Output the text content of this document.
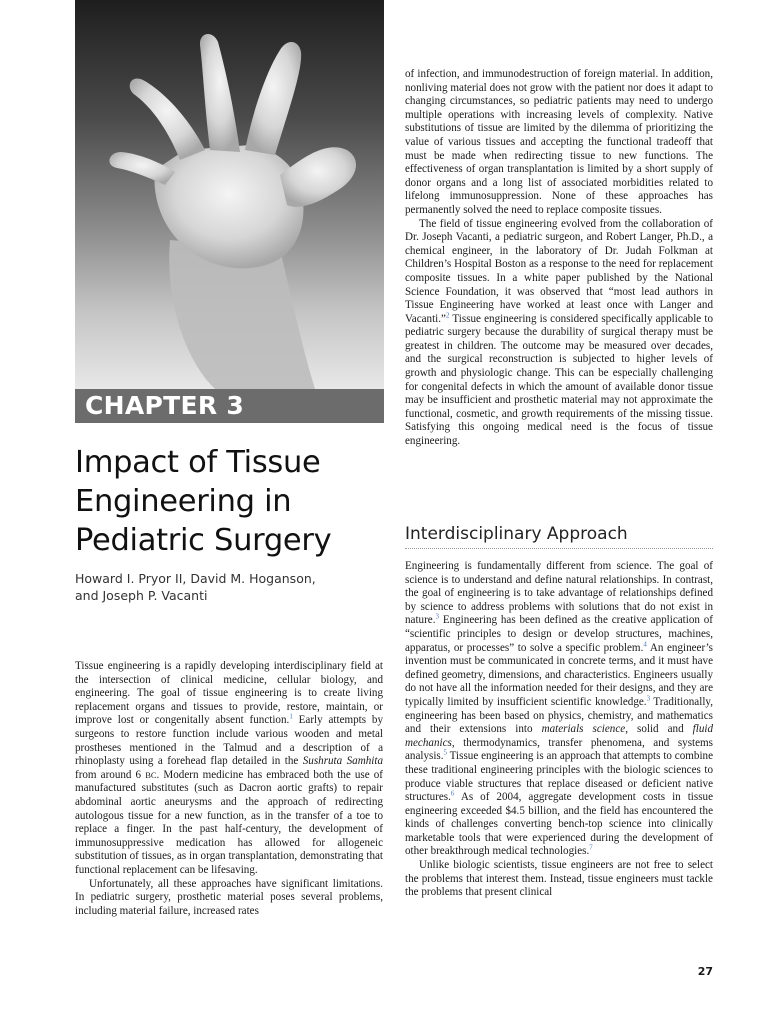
CHAPTER 3
Impact of Tissue
Engineering in
Pediatric Surgery
Howard I. Pryor II, David M. Hoganson,
and Joseph P. Vacanti

Tissue engineering is a rapidly developing interdisciplinary field at the intersection of clinical medicine, cellular biology, and engineering. The goal of tissue engineering is to create living replacement organs and tissues to provide, restore, maintain, or improve lost or congenitally absent function.$^1$ Early attempts by surgeons to restore function include various wooden and metal prostheses mentioned in the Talmud and a description of a rhinoplasty using a forehead flap detailed in the Sushruta Samhita from around 6 BC. Modern medicine has embraced both the use of manufactured substitutes (such as Dacron aortic grafts) to repair abdominal aortic aneurysms and the approach of redirecting autologous tissue for a new function, as in the transfer of a toe to replace a finger. In the past half-century, the development of immunosuppressive medication has allowed for allogeneic substitution of tissues, as in organ transplantation, demonstrating that functional replacement can be lifesaving.

Unfortunately, all these approaches have significant limitations. In pediatric surgery, prosthetic material poses several problems, including material failure, increased rates

of infection, and immunodestruction of foreign material. In addition, nonliving material does not grow with the patient nor does it adapt to changing circumstances, so pediatric patients may need to undergo multiple operations with increasing levels of complexity. Native substitutions of tissue are limited by the dilemma of prioritizing the value of various tissues and accepting the functional tradeoff that must be made when redirecting tissue to new functions. The effectiveness of organ transplantation is limited by a short supply of donor organs and a long list of associated morbidities related to lifelong immunosuppression. None of these approaches has permanently solved the need to replace composite tissues.

The field of tissue engineering evolved from the collaboration of Dr. Joseph Vacanti, a pediatric surgeon, and Robert Langer, Ph.D., a chemical engineer, in the laboratory of Dr. Judah Folkman at Children’s Hospital Boston as a response to the need for replacement composite tissues. In a white paper published by the National Science Foundation, it was observed that “most lead authors in Tissue Engineering have worked at least once with Langer and Vacanti.”$^2$ Tissue engineering is considered specifically applicable to pediatric surgery because the durability of surgical therapy must be greatest in children. The outcome may be measured over decades, and the surgical reconstruction is subjected to higher levels of growth and physiologic change. This can be especially challenging for congenital defects in which the amount of available donor tissue may be insufficient and prosthetic material may not approximate the functional, cosmetic, and growth requirements of the missing tissue. Satisfying this ongoing medical need is the focus of tissue engineering.

Interdisciplinary Approach

Engineering is fundamentally different from science. The goal of science is to understand and define natural relationships. In contrast, the goal of engineering is to take advantage of relationships defined by science to address problems with solutions that do not exist in nature.$^3$ Engineering has been defined as the creative application of “scientific principles to design or develop structures, machines, apparatus, or processes” to solve a specific problem.$^4$ An engineer’s invention must be communicated in concrete terms, and it must have defined geometry, dimensions, and characteristics. Engineers usually do not have all the information needed for their designs, and they are typically limited by insufficient scientific knowledge.$^3$ Traditionally, engineering has been based on physics, chemistry, and mathematics and their extensions into materials science, solid and fluid mechanics, thermodynamics, transfer phenomena, and systems analysis.$^5$ Tissue engineering is an approach that attempts to combine these traditional engineering principles with the biologic sciences to produce viable structures that replace diseased or deficient native structures.$^6$ As of 2004, aggregate development costs in tissue engineering exceeded $4.5 billion, and the field has encountered the kinds of challenges converting bench-top science into clinically marketable tools that were experienced during the development of other breakthrough medical technologies.$^7$

Unlike biologic scientists, tissue engineers are not free to select the problems that interest them. Instead, tissue engineers must tackle the problems that present clinical

27
